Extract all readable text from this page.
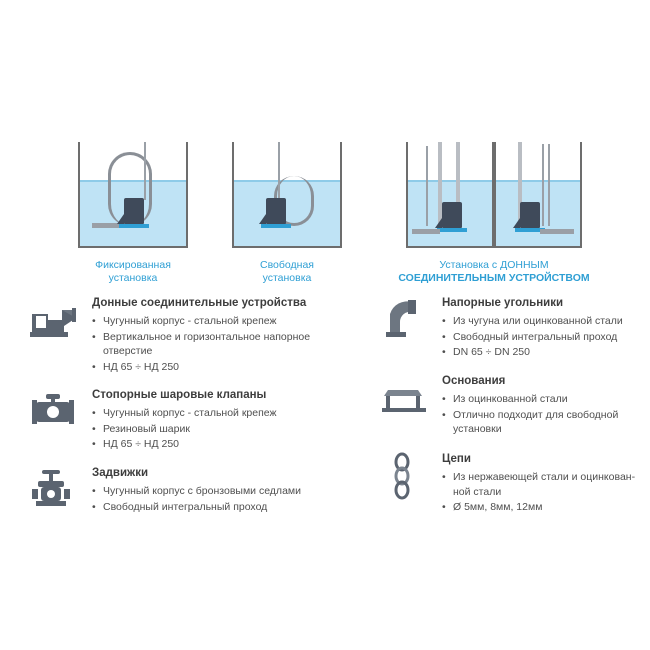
Фиксированная
установка
Свободная
установка
Установка с ДОННЫМ
СОЕДИНИТЕЛЬНЫМ УСТРОЙСТВОМ
Донные соединительные устройства
• Чугунный корпус - стальной крепеж
• Вертикальное и горизонтальное напорное отверстие
• НД 65 ÷ НД 250
Стопорные шаровые клапаны
• Чугунный корпус - стальной крепеж
• Резиновый шарик
• НД 65 ÷ НД 250
Задвижки
• Чугунный корпус с бронзовыми седлами
• Свободный интегральный проход
Напорные угольники
• Из чугуна или оцинкованной стали
• Свободный интегральный проход
• DN 65 ÷ DN 250
Основания
• Из оцинкованной стали
• Отлично подходит для свободной установки
Цепи
• Из нержавеющей стали и оцинкован-ной стали
• Ø 5мм, 8мм, 12мм
